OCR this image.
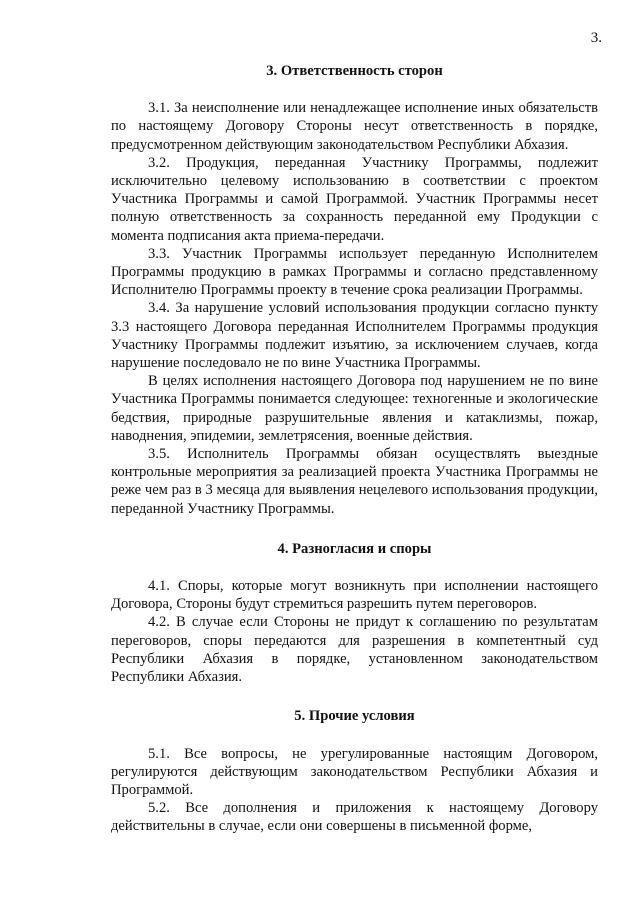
3.
3. Ответственность сторон

3.1. За неисполнение или ненадлежащее исполнение иных обязательств по настоящему Договору Стороны несут ответственность в порядке, предусмотренном действующим законодательством Республики Абхазия.

3.2. Продукция, переданная Участнику Программы, подлежит исключительно целевому использованию в соответствии с проектом Участника Программы и самой Программой. Участник Программы несет полную ответственность за сохранность переданной ему Продукции с момента подписания акта приема-передачи.

3.3. Участник Программы использует переданную Исполнителем Программы продукцию в рамках Программы и согласно представленному Исполнителю Программы проекту в течение срока реализации Программы.

3.4. За нарушение условий использования продукции согласно пункту 3.3 настоящего Договора переданная Исполнителем Программы продукция Участнику Программы подлежит изъятию, за исключением случаев, когда нарушение последовало не по вине Участника Программы.

В целях исполнения настоящего Договора под нарушением не по вине Участника Программы понимается следующее: техногенные и экологические бедствия, природные разрушительные явления и катаклизмы, пожар, наводнения, эпидемии, землетрясения, военные действия.

3.5. Исполнитель Программы обязан осуществлять выездные контрольные мероприятия за реализацией проекта Участника Программы не реже чем раз в 3 месяца для выявления нецелевого использования продукции, переданной Участнику Программы.

4. Разногласия и споры

4.1. Споры, которые могут возникнуть при исполнении настоящего Договора, Стороны будут стремиться разрешить путем переговоров.

4.2. В случае если Стороны не придут к соглашению по результатам переговоров, споры передаются для разрешения в компетентный суд Республики Абхазия в порядке, установленном законодательством Республики Абхазия.

5. Прочие условия

5.1. Все вопросы, не урегулированные настоящим Договором, регулируются действующим законодательством Республики Абхазия и Программой.

5.2. Все дополнения и приложения к настоящему Договору действительны в случае, если они совершены в письменной форме,
